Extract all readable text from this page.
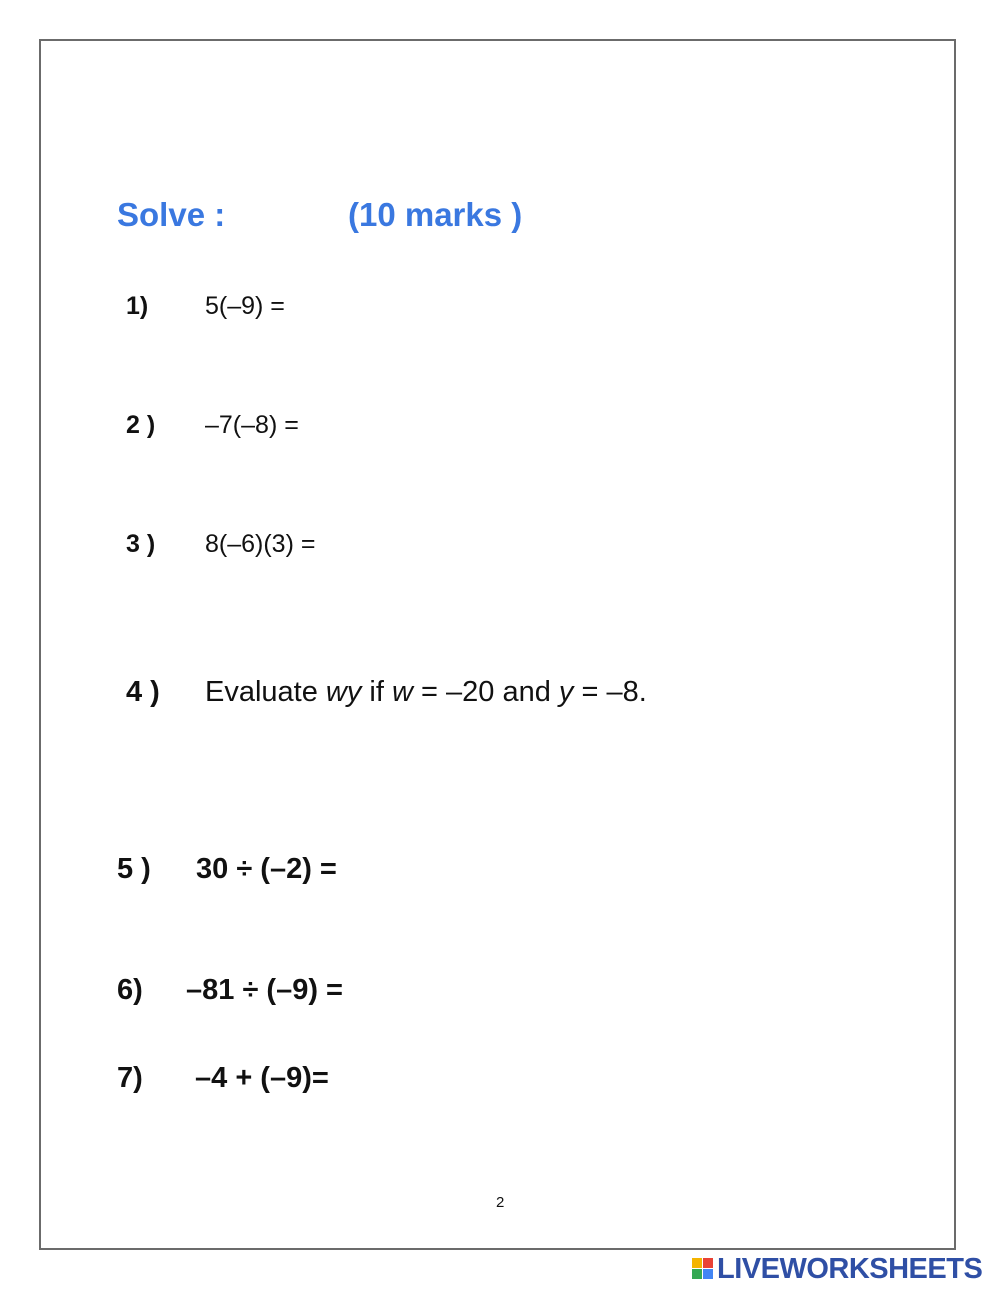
Solve :	(10 marks )
1) 5(–9) =
2 ) –7(–8) =
3 ) 8(–6)(3) =
4 ) Evaluate wy if w = –20 and y = –8.
5 ) 30 ÷ (–2) =
6) –81 ÷ (–9) =
7) –4 + (–9)=
2
LIVEWORKSHEETS
